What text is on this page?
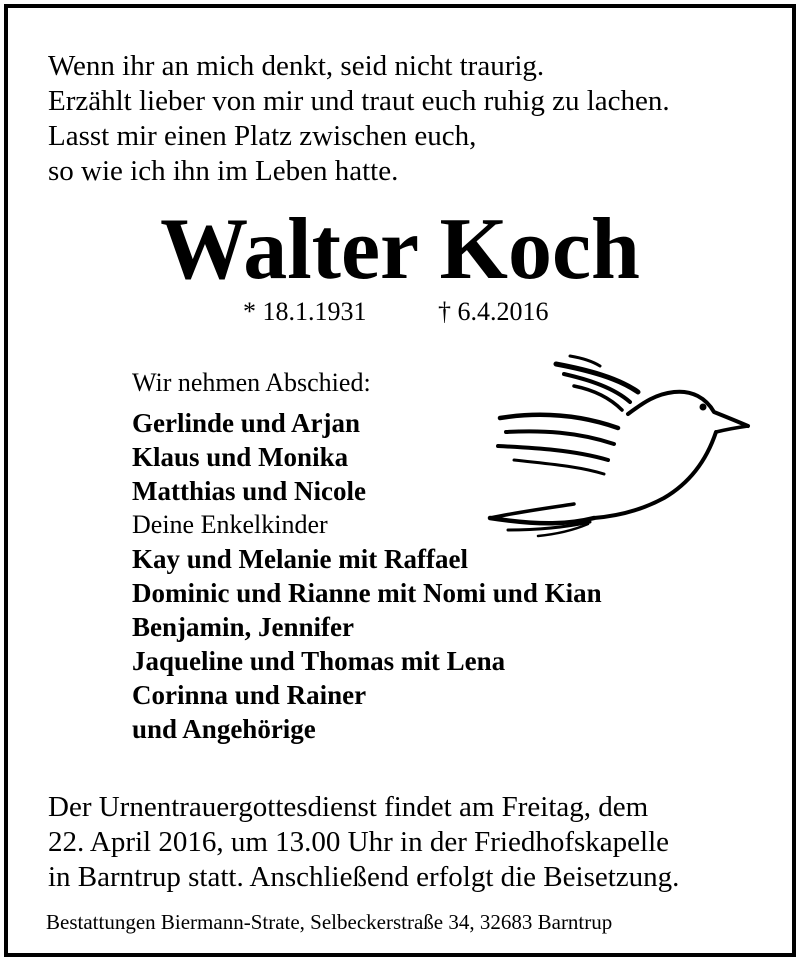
Wenn ihr an mich denkt, seid nicht traurig.
Erzählt lieber von mir und traut euch ruhig zu lachen.
Lasst mir einen Platz zwischen euch,
so wie ich ihn im Leben hatte.
Walter Koch
* 18.1.1931	† 6.4.2016
Wir nehmen Abschied:
Gerlinde und Arjan
Klaus und Monika
Matthias und Nicole
Deine Enkelkinder
Kay und Melanie mit Raffael
Dominic und Rianne mit Nomi und Kian
Benjamin, Jennifer
Jaqueline und Thomas mit Lena
Corinna und Rainer
und Angehörige
Der Urnentrauergottesdienst findet am Freitag, dem
22. April 2016, um 13.00 Uhr in der Friedhofskapelle
in Barntrup statt. Anschließend erfolgt die Beisetzung.
Bestattungen Biermann-Strate, Selbeckerstraße 34, 32683 Barntrup
